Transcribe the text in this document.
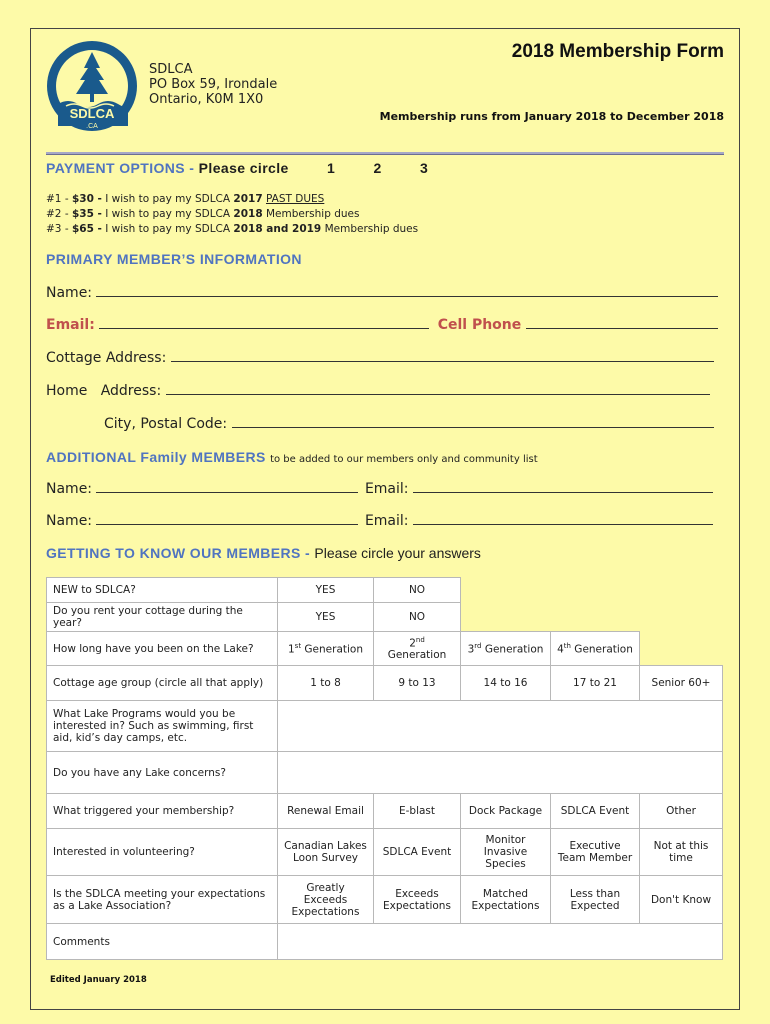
SDLCA
.CA
SDLCA
PO Box 59, Irondale
Ontario, K0M 1X0
2018 Membership Form
Membership runs from January 2018 to December 2018
PAYMENT OPTIONS - Please circle	1	2	3
#1 - $30 - I wish to pay my SDLCA 2017 PAST DUES
#2 - $35 - I wish to pay my SDLCA 2018 Membership dues
#3 - $65 - I wish to pay my SDLCA 2018 and 2019 Membership dues
PRIMARY MEMBER’S INFORMATION
Name:
Email:	Cell Phone
Cottage Address:
Home   Address:
City, Postal Code:
ADDITIONAL Family MEMBERS to be added to our members only and community list
Name:	Email:
Name:	Email:
GETTING TO KNOW OUR MEMBERS - Please circle your answers
NEW to SDLCA?	YES	NO			
Do you rent your cottage during the year?	YES	NO			
How long have you been on the Lake?	1st Generation	2nd Generation	3rd Generation	4th Generation	
Cottage age group (circle all that apply)	1 to 8	9 to 13	14 to 16	17 to 21	Senior 60+
What Lake Programs would you be interested in? Such as swimming, first aid, kid’s day camps, etc.					
Do you have any Lake concerns?					
What triggered your membership?	Renewal Email	E-blast	Dock Package	SDLCA Event	Other
Interested in volunteering?	Canadian Lakes Loon Survey	SDLCA Event	Monitor Invasive Species	Executive Team Member	Not at this time
Is the SDLCA meeting your expectations as a Lake Association?	Greatly Exceeds Expectations	Exceeds Expectations	Matched Expectations	Less than Expected	Don't Know
Comments					
Edited January 2018
